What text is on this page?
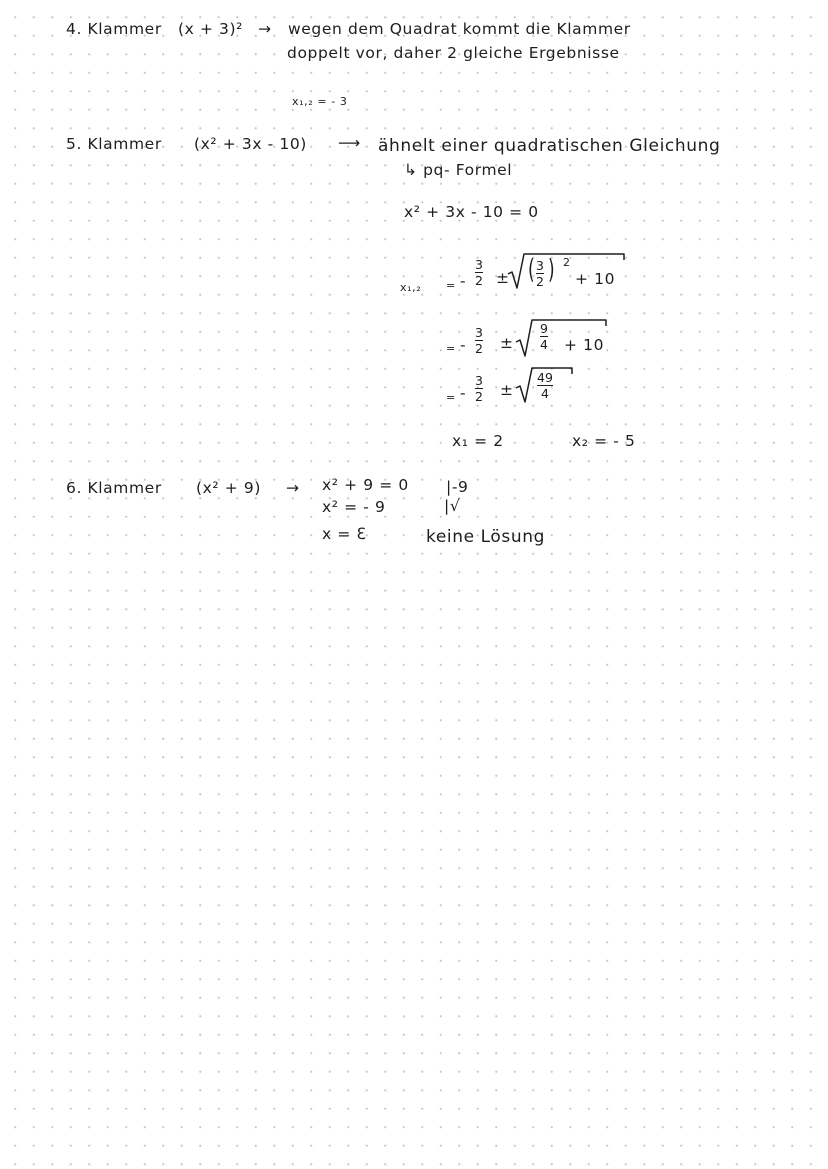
4. Klammer (x + 3)² → wegen dem Quadrat kommt die Klammer
doppelt vor, daher 2 gleiche Ergebnisse
x₁,₂ = - 3
5. Klammer (x² + 3x - 10) ⟶ ähnelt einer quadratischen Gleichung
↳ pq- Formel
x² + 3x - 10 = 0
x₁,₂ = -
3
2 ± ( 3
2 ) 2
+ 10
= -
3
2 ±
9
4 + 10
= -
3
2 ±
49
4
x₁ = 2	x₂ = - 5
6. Klammer (x² + 9) → x² + 9 = 0 |-9
x² = - 9	|√
x = ℇ	keine Lösung
